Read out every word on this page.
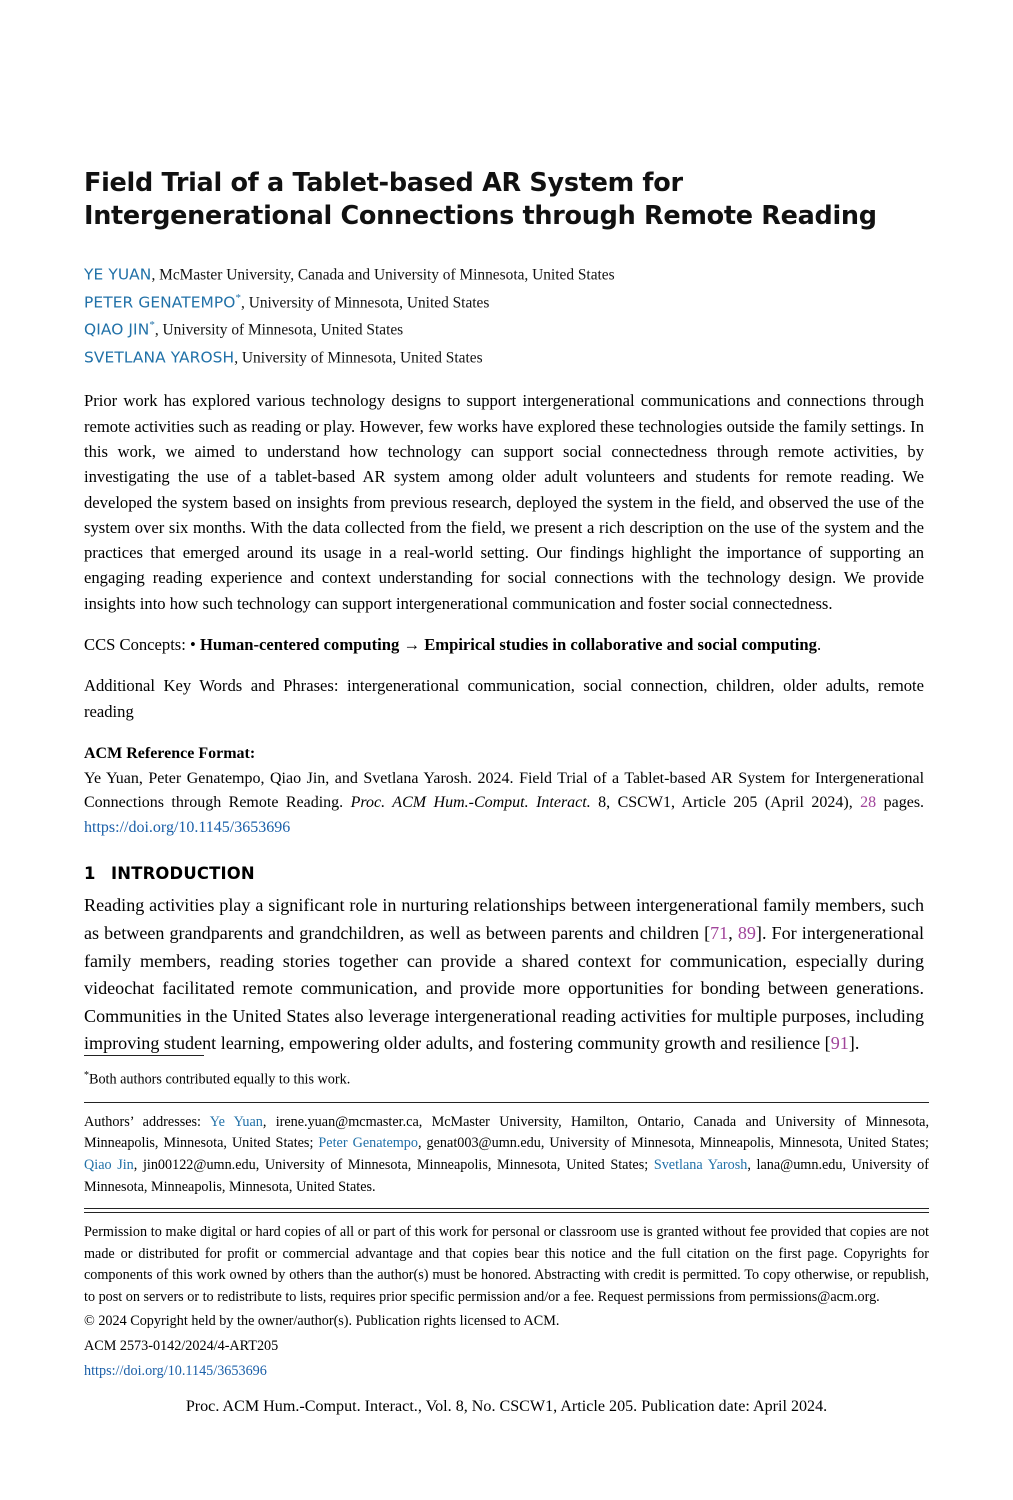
Field Trial of a Tablet-based AR System for Intergenerational Connections through Remote Reading
YE YUAN, McMaster University, Canada and University of Minnesota, United States
PETER GENATEMPO*, University of Minnesota, United States
QIAO JIN*, University of Minnesota, United States
SVETLANA YAROSH, University of Minnesota, United States
Prior work has explored various technology designs to support intergenerational communications and connections through remote activities such as reading or play. However, few works have explored these technologies outside the family settings. In this work, we aimed to understand how technology can support social connectedness through remote activities, by investigating the use of a tablet-based AR system among older adult volunteers and students for remote reading. We developed the system based on insights from previous research, deployed the system in the field, and observed the use of the system over six months. With the data collected from the field, we present a rich description on the use of the system and the practices that emerged around its usage in a real-world setting. Our findings highlight the importance of supporting an engaging reading experience and context understanding for social connections with the technology design. We provide insights into how such technology can support intergenerational communication and foster social connectedness.
CCS Concepts: • Human-centered computing → Empirical studies in collaborative and social computing.
Additional Key Words and Phrases: intergenerational communication, social connection, children, older adults, remote reading
ACM Reference Format:
Ye Yuan, Peter Genatempo, Qiao Jin, and Svetlana Yarosh. 2024. Field Trial of a Tablet-based AR System for Intergenerational Connections through Remote Reading. Proc. ACM Hum.-Comput. Interact. 8, CSCW1, Article 205 (April 2024), 28 pages. https://doi.org/10.1145/3653696
1 INTRODUCTION
Reading activities play a significant role in nurturing relationships between intergenerational family members, such as between grandparents and grandchildren, as well as between parents and children [71, 89]. For intergenerational family members, reading stories together can provide a shared context for communication, especially during videochat facilitated remote communication, and provide more opportunities for bonding between generations. Communities in the United States also leverage intergenerational reading activities for multiple purposes, including improving student learning, empowering older adults, and fostering community growth and resilience [91].
*Both authors contributed equally to this work.
Authors’ addresses: Ye Yuan, irene.yuan@mcmaster.ca, McMaster University, Hamilton, Ontario, Canada and University of Minnesota, Minneapolis, Minnesota, United States; Peter Genatempo, genat003@umn.edu, University of Minnesota, Minneapolis, Minnesota, United States; Qiao Jin, jin00122@umn.edu, University of Minnesota, Minneapolis, Minnesota, United States; Svetlana Yarosh, lana@umn.edu, University of Minnesota, Minneapolis, Minnesota, United States.
Permission to make digital or hard copies of all or part of this work for personal or classroom use is granted without fee provided that copies are not made or distributed for profit or commercial advantage and that copies bear this notice and the full citation on the first page. Copyrights for components of this work owned by others than the author(s) must be honored. Abstracting with credit is permitted. To copy otherwise, or republish, to post on servers or to redistribute to lists, requires prior specific permission and/or a fee. Request permissions from permissions@acm.org.
© 2024 Copyright held by the owner/author(s). Publication rights licensed to ACM.
ACM 2573-0142/2024/4-ART205
https://doi.org/10.1145/3653696
Proc. ACM Hum.-Comput. Interact., Vol. 8, No. CSCW1, Article 205. Publication date: April 2024.
